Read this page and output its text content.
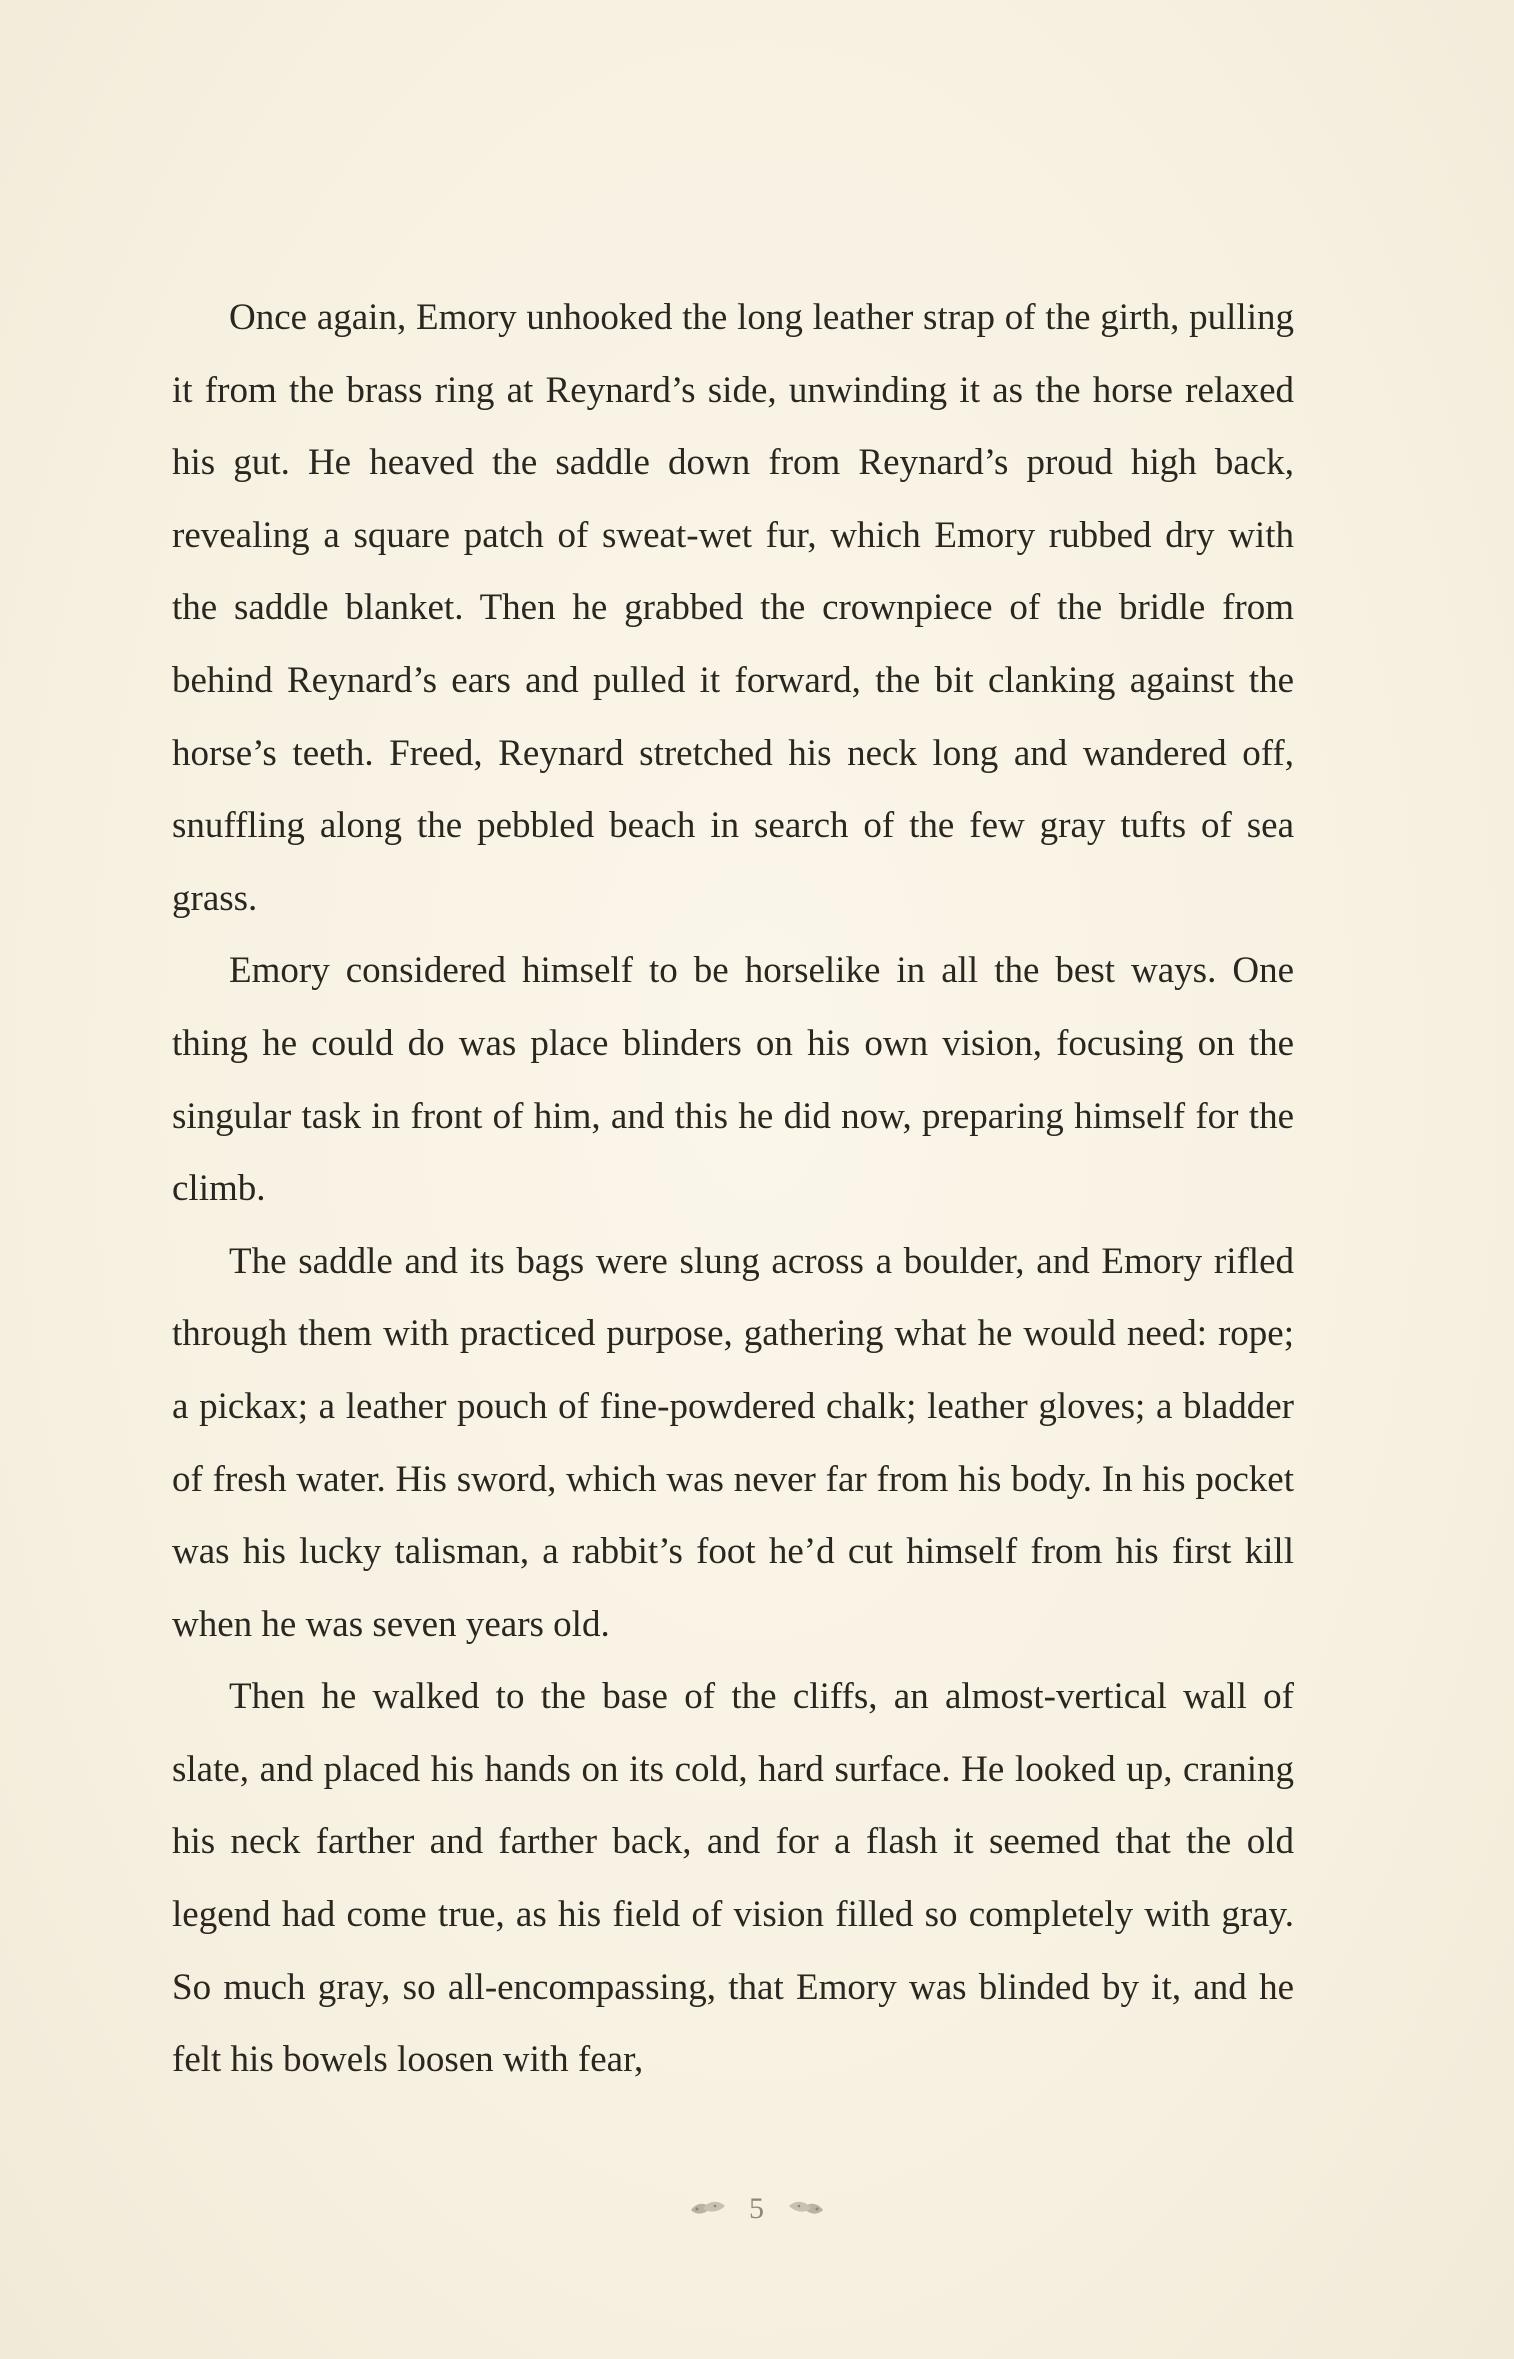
Once again, Emory unhooked the long leather strap of the girth, pulling it from the brass ring at Reynard’s side, unwinding it as the horse relaxed his gut. He heaved the saddle down from Reynard’s proud high back, revealing a square patch of sweat-wet fur, which Emory rubbed dry with the saddle blanket. Then he grabbed the crownpiece of the bridle from behind Reynard’s ears and pulled it forward, the bit clanking against the horse’s teeth. Freed, Reynard stretched his neck long and wandered off, snuffling along the pebbled beach in search of the few gray tufts of sea grass.

Emory considered himself to be horselike in all the best ways. One thing he could do was place blinders on his own vision, focusing on the singular task in front of him, and this he did now, preparing himself for the climb.

The saddle and its bags were slung across a boulder, and Emory rifled through them with practiced purpose, gathering what he would need: rope; a pickax; a leather pouch of fine-powdered chalk; leather gloves; a bladder of fresh water. His sword, which was never far from his body. In his pocket was his lucky talisman, a rabbit’s foot he’d cut himself from his first kill when he was seven years old.

Then he walked to the base of the cliffs, an almost-vertical wall of slate, and placed his hands on its cold, hard surface. He looked up, craning his neck farther and farther back, and for a flash it seemed that the old legend had come true, as his field of vision filled so completely with gray. So much gray, so all-encompassing, that Emory was blinded by it, and he felt his bowels loosen with fear,

5
